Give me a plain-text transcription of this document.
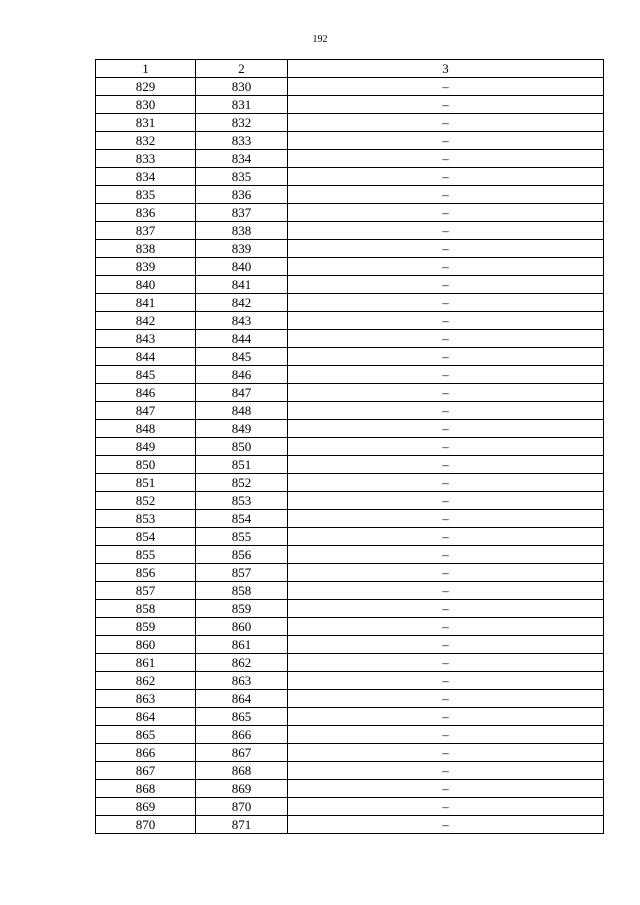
192
1	2	3
829	830	–
830	831	–
831	832	–
832	833	–
833	834	–
834	835	–
835	836	–
836	837	–
837	838	–
838	839	–
839	840	–
840	841	–
841	842	–
842	843	–
843	844	–
844	845	–
845	846	–
846	847	–
847	848	–
848	849	–
849	850	–
850	851	–
851	852	–
852	853	–
853	854	–
854	855	–
855	856	–
856	857	–
857	858	–
858	859	–
859	860	–
860	861	–
861	862	–
862	863	–
863	864	–
864	865	–
865	866	–
866	867	–
867	868	–
868	869	–
869	870	–
870	871	–
